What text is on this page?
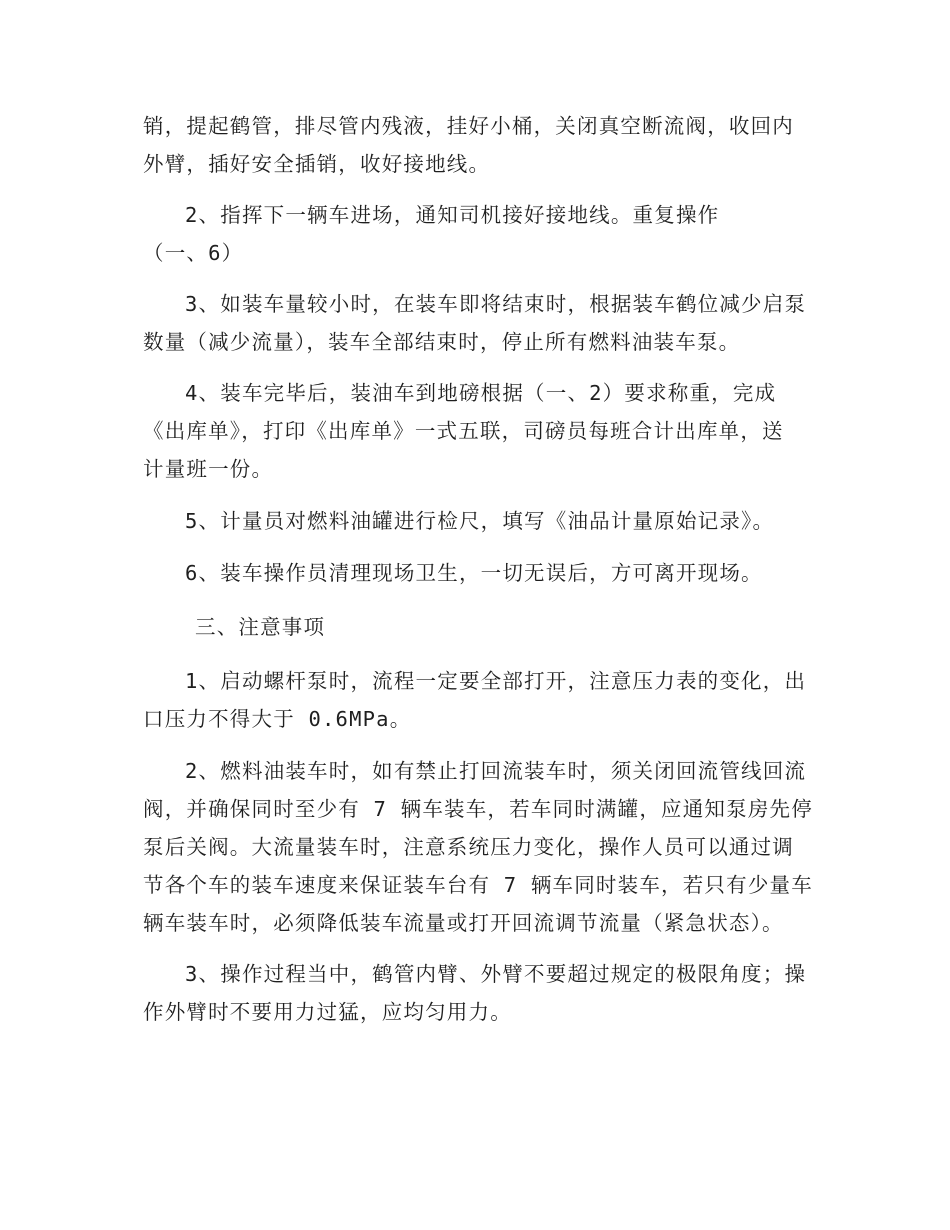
销，提起鹤管，排尽管内残液，挂好小桶，关闭真空断流阀，收回内
外臂，插好安全插销，收好接地线。
2、指挥下一辆车进场，通知司机接好接地线。重复操作
（一、6）
3、如装车量较小时，在装车即将结束时，根据装车鹤位减少启泵
数量（减少流量），装车全部结束时，停止所有燃料油装车泵。
4、装车完毕后，装油车到地磅根据（一、2）要求称重，完成
《出库单》，打印《出库单》一式五联，司磅员每班合计出库单，送
计量班一份。
5、计量员对燃料油罐进行检尺，填写《油品计量原始记录》。
6、装车操作员清理现场卫生，一切无误后，方可离开现场。
三、注意事项
1、启动螺杆泵时，流程一定要全部打开，注意压力表的变化，出
口压力不得大于 0.6MPa。
2、燃料油装车时，如有禁止打回流装车时，须关闭回流管线回流
阀，并确保同时至少有 7 辆车装车，若车同时满罐，应通知泵房先停
泵后关阀。大流量装车时，注意系统压力变化，操作人员可以通过调
节各个车的装车速度来保证装车台有 7 辆车同时装车，若只有少量车
辆车装车时，必须降低装车流量或打开回流调节流量（紧急状态）。
3、操作过程当中，鹤管内臂、外臂不要超过规定的极限角度；操
作外臂时不要用力过猛，应均匀用力。
